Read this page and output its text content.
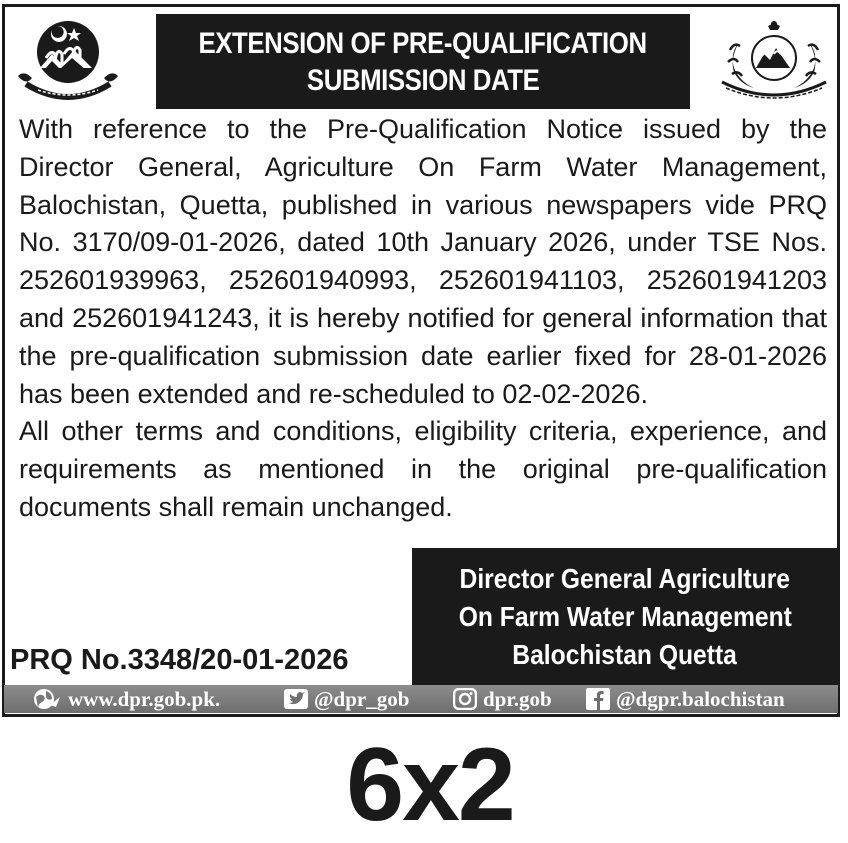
EXTENSION OF PRE-QUALIFICATION
SUBMISSION DATE

With reference to the Pre-Qualification Notice issued by the Director General, Agriculture On Farm Water Management, Balochistan, Quetta, published in various newspapers vide PRQ No. 3170/09-01-2026, dated 10th January 2026, under TSE Nos. 252601939963, 252601940993, 252601941103, 252601941203 and 252601941243, it is hereby notified for general information that the pre-qualification submission date earlier fixed for 28-01-2026 has been extended and re-scheduled to 02-02-2026.

All other terms and conditions, eligibility criteria, experience, and requirements as mentioned in the original pre-qualification documents shall remain unchanged.

PRQ No.3348/20-01-2026
Director General Agriculture
On Farm Water Management
Balochistan Quetta
www.dpr.gob.pk.	@dpr_gob	dpr.gob	@dgpr.balochistan
6x2
